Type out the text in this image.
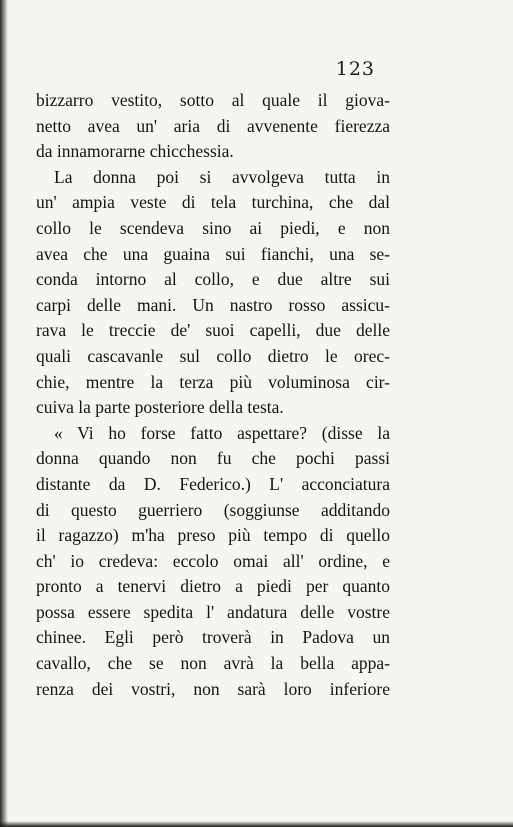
123
bizzarro vestito, sotto al quale il giova-
netto avea un' aria di avvenente fierezza
da innamorarne chicchessia.
La donna poi si avvolgeva tutta in
un' ampia veste di tela turchina, che dal
collo le scendeva sino ai piedi, e non
avea che una guaina sui fianchi, una se-
conda intorno al collo, e due altre sui
carpi delle mani. Un nastro rosso assicu-
rava le treccie de' suoi capelli, due delle
quali cascavanle sul collo dietro le orec-
chie, mentre la terza più voluminosa cir-
cuiva la parte posteriore della testa.
« Vi ho forse fatto aspettare? (disse la
donna quando non fu che pochi passi
distante da D. Federico.) L' acconciatura
di questo guerriero (soggiunse additando
il ragazzo) m'ha preso più tempo di quello
ch' io credeva: eccolo omai all' ordine, e
pronto a tenervi dietro a piedi per quanto
possa essere spedita l' andatura delle vostre
chinee. Egli però troverà in Padova un
cavallo, che se non avrà la bella appa-
renza dei vostri, non sarà loro inferiore
